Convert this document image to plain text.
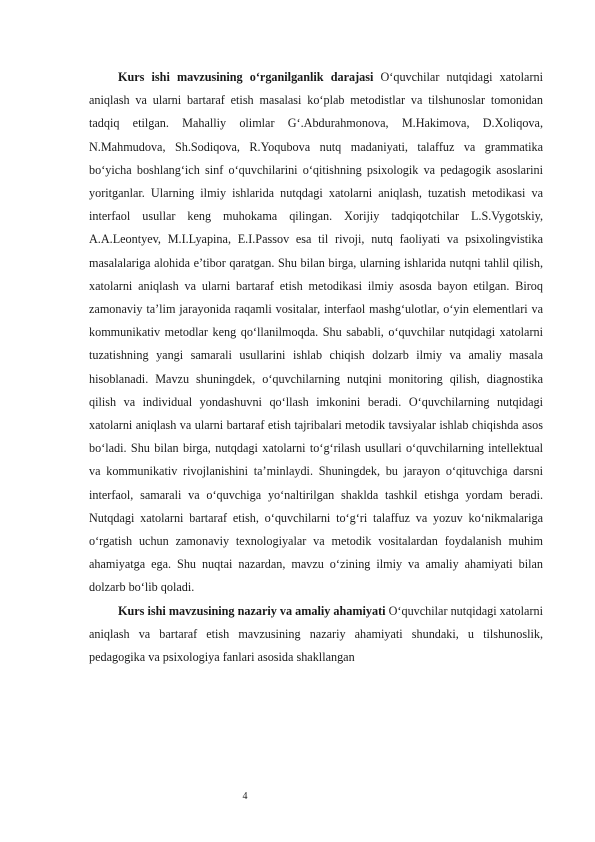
Kurs ishi mavzusining o‘rganilganlik darajasi O‘quvchilar nutqidagi xatolarni aniqlash va ularni bartaraf etish masalasi ko‘plab metodistlar va tilshunoslar tomonidan tadqiq etilgan. Mahalliy olimlar G‘.Abdurahmonova, M.Hakimova, D.Xoliqova, N.Mahmudova, Sh.Sodiqova, R.Yoqubova nutq madaniyati, talaffuz va grammatika bo‘yicha boshlang‘ich sinf o‘quvchilarini o‘qitishning psixologik va pedagogik asoslarini yoritganlar. Ularning ilmiy ishlarida nutqdagi xatolarni aniqlash, tuzatish metodikasi va interfaol usullar keng muhokama qilingan. Xorijiy tadqiqotchilar L.S.Vygotskiy, A.A.Leontyev, M.I.Lyapina, E.I.Passov esa til rivoji, nutq faoliyati va psixolingvistika masalalariga alohida e’tibor qaratgan. Shu bilan birga, ularning ishlarida nutqni tahlil qilish, xatolarni aniqlash va ularni bartaraf etish metodikasi ilmiy asosda bayon etilgan. Biroq zamonaviy ta’lim jarayonida raqamli vositalar, interfaol mashg‘ulotlar, o‘yin elementlari va kommunikativ metodlar keng qo‘llanilmoqda. Shu sababli, o‘quvchilar nutqidagi xatolarni tuzatishning yangi samarali usullarini ishlab chiqish dolzarb ilmiy va amaliy masala hisoblanadi. Mavzu shuningdek, o‘quvchilarning nutqini monitoring qilish, diagnostika qilish va individual yondashuvni qo‘llash imkonini beradi. O‘quvchilarning nutqidagi xatolarni aniqlash va ularni bartaraf etish tajribalari metodik tavsiyalar ishlab chiqishda asos bo‘ladi. Shu bilan birga, nutqdagi xatolarni to‘g‘rilash usullari o‘quvchilarning intellektual va kommunikativ rivojlanishini ta’minlaydi. Shuningdek, bu jarayon o‘qituvchiga darsni interfaol, samarali va o‘quvchiga yo‘naltirilgan shaklda tashkil etishga yordam beradi. Nutqdagi xatolarni bartaraf etish, o‘quvchilarni to‘g‘ri talaffuz va yozuv ko‘nikmalariga o‘rgatish uchun zamonaviy texnologiyalar va metodik vositalardan foydalanish muhim ahamiyatga ega. Shu nuqtai nazardan, mavzu o‘zining ilmiy va amaliy ahamiyati bilan dolzarb bo‘lib qoladi.

Kurs ishi mavzusining nazariy va amaliy ahamiyati O‘quvchilar nutqidagi xatolarni aniqlash va bartaraf etish mavzusining nazariy ahamiyati shundaki, u tilshunoslik, pedagogika va psixologiya fanlari asosida shakllangan

4
